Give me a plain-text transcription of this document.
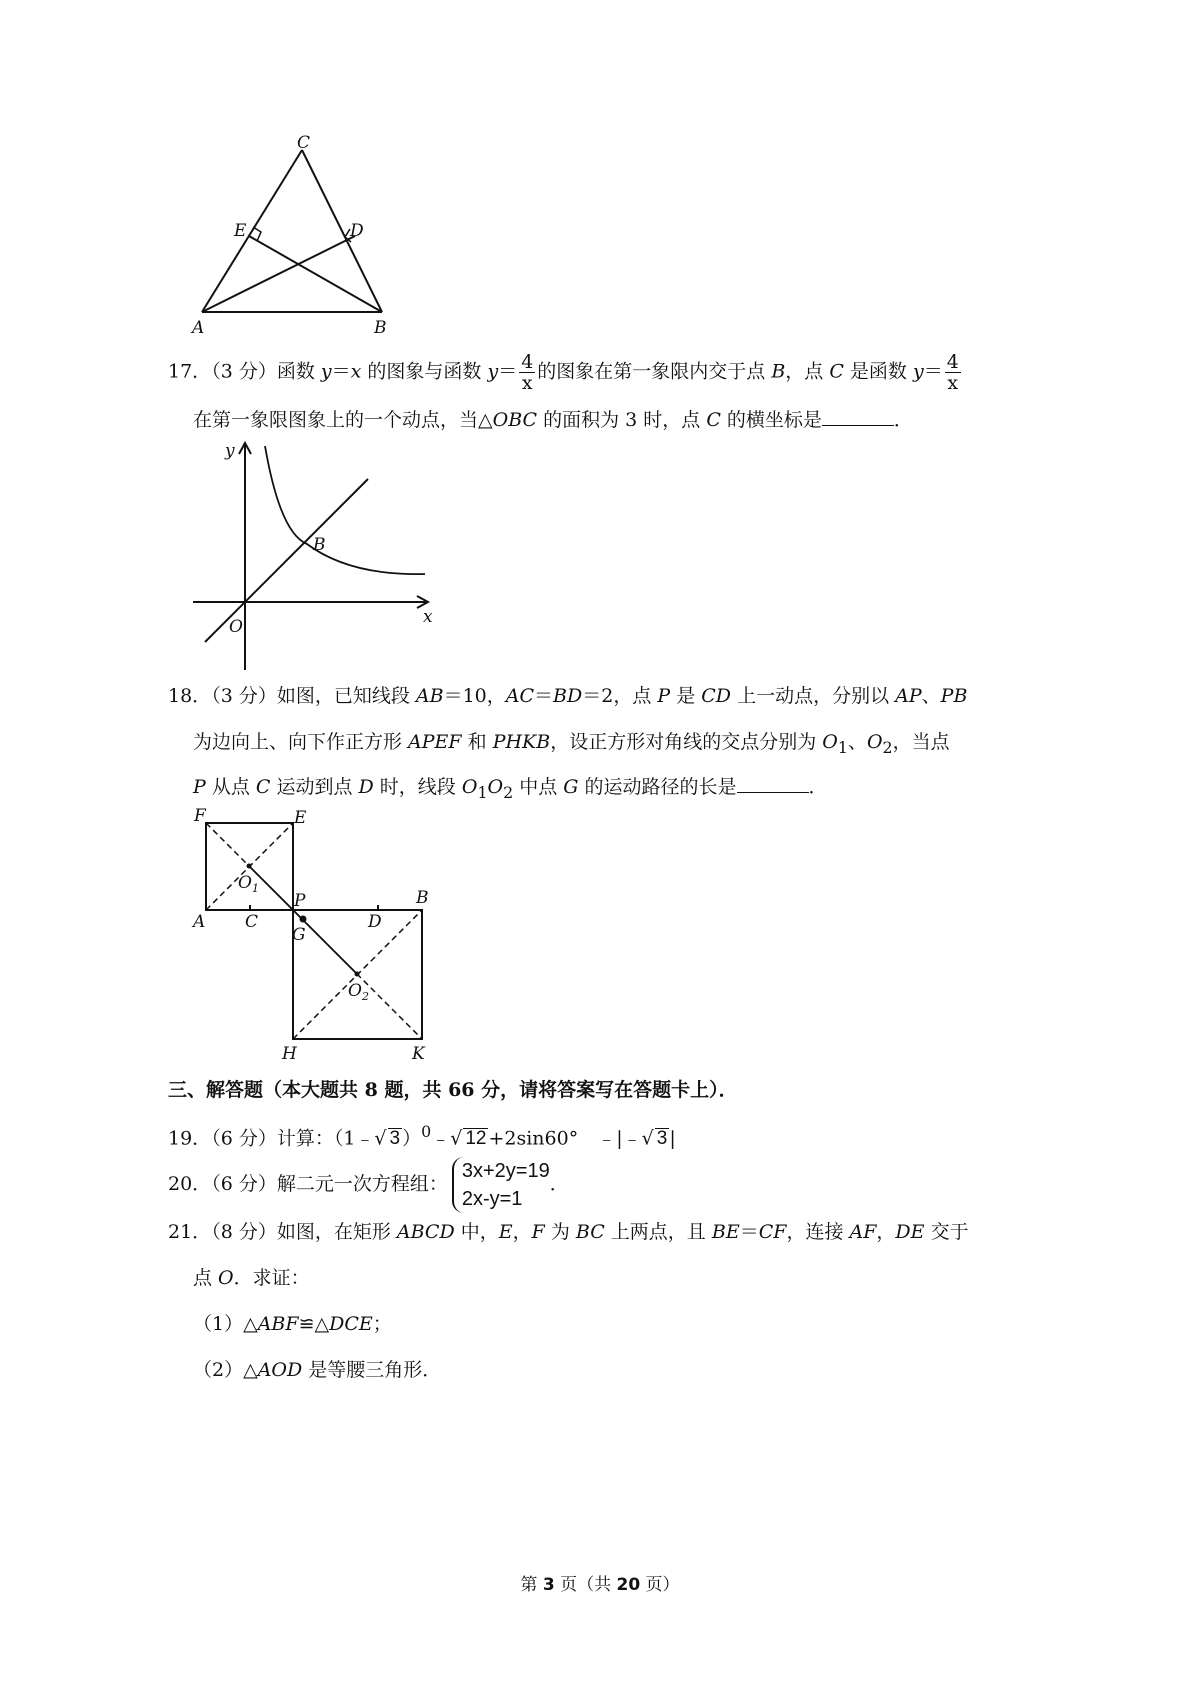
C
E	D
A	B
17．（3 分）函数 y＝x 的图象与函数 $y= \frac{4}{x}$ 的图象在第一象限内交于点 B，点 C 是函数 $y= \frac{4}{x}$
在第一象限图象上的一个动点，当△OBC 的面积为 3 时，点 C 的横坐标是	．
y
x
O
B
18．（3 分）如图，已知线段 AB＝10，AC＝BD＝2，点 P 是 CD 上一动点，分别以 AP、PB
为边向上、向下作正方形 APEF 和 PHKB，设正方形对角线的交点分别为 $O_1$、$O_2$，当点
P 从点 C 运动到点 D 时，线段 $O_1O_2$ 中点 G 的运动路径的长是	．
F	E
$O_1$
P	B
A C	D
G
$O_2$
H	K
三、解答题（本大题共 8 题，共 66 分，请将答案写在答题卡上）．
19．（6 分）计算：（1﹣√ 3 ）$^0$﹣√ 12 +2sin60°　﹣|﹣√ 3 |
20．（6 分）解二元一次方程组：
3x+2y=19
2x-y=1
．
21．（8 分）如图，在矩形 ABCD 中，E，F 为 BC 上两点，且 BE＝CF，连接 AF，DE 交于
点 O．求证：
（1）△ABF≌△DCE；
（2）△AOD 是等腰三角形．
第 3 页（共 20 页）
